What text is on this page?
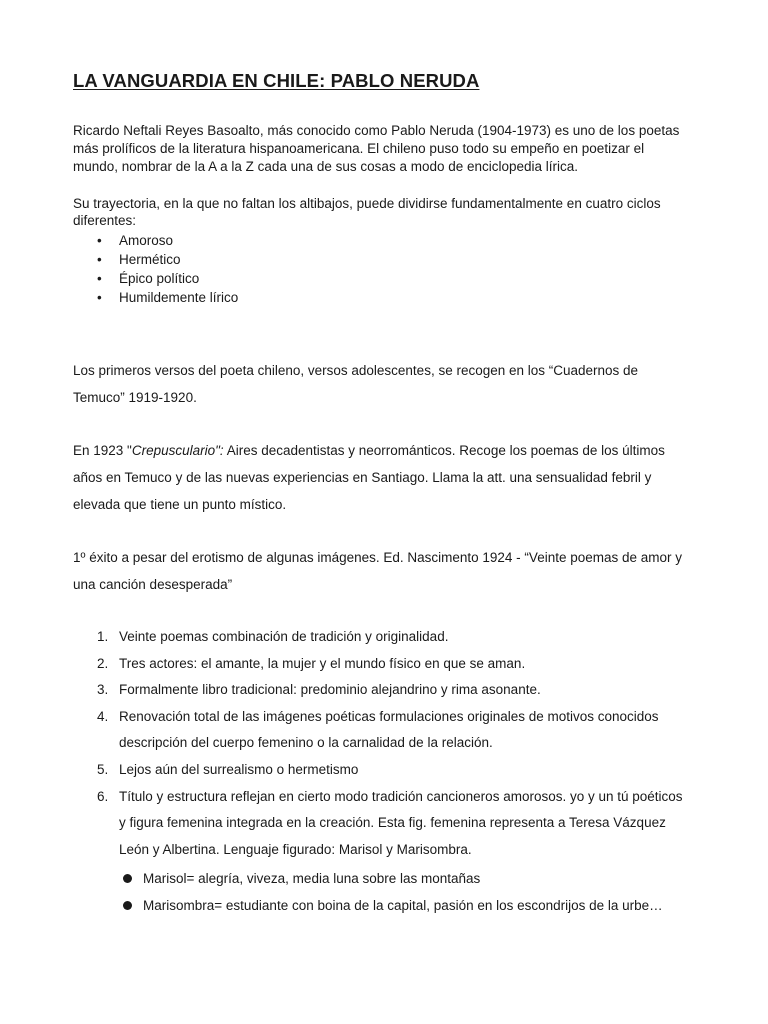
LA VANGUARDIA EN CHILE: PABLO NERUDA

Ricardo Neftali Reyes Basoalto, más conocido como Pablo Neruda (1904-1973) es uno de los poetas más prolíficos de la literatura hispanoamericana. El chileno puso todo su empeño en poetizar el mundo, nombrar de la A a la Z cada una de sus cosas a modo de enciclopedia lírica.

Su trayectoria, en la que no faltan los altibajos, puede dividirse fundamentalmente en cuatro ciclos diferentes:

• Amoroso
• Hermético
• Épico político
• Humildemente lírico

Los primeros versos del poeta chileno, versos adolescentes, se recogen en los “Cuadernos de Temuco” 1919-1920.

En 1923 "Crepusculario": Aires decadentistas y neorrománticos. Recoge los poemas de los últimos años en Temuco y de las nuevas experiencias en Santiago. Llama la att. una sensualidad febril y elevada que tiene un punto místico.

1º éxito a pesar del erotismo de algunas imágenes. Ed. Nascimento 1924 - “Veinte poemas de amor y una canción desesperada”

1. Veinte poemas combinación de tradición y originalidad.
2. Tres actores: el amante, la mujer y el mundo físico en que se aman.
3. Formalmente libro tradicional: predominio alejandrino y rima asonante.
4. Renovación total de las imágenes poéticas formulaciones originales de motivos conocidos descripción del cuerpo femenino o la carnalidad de la relación.
5. Lejos aún del surrealismo o hermetismo
6. Título y estructura reflejan en cierto modo tradición cancioneros amorosos. yo y un tú poéticos y figura femenina integrada en la creación. Esta fig. femenina representa a Teresa Vázquez León y Albertina. Lenguaje figurado: Marisol y Marisombra.
Marisol= alegría, viveza, media luna sobre las montañas
Marisombra= estudiante con boina de la capital, pasión en los escondrijos de la urbe…
